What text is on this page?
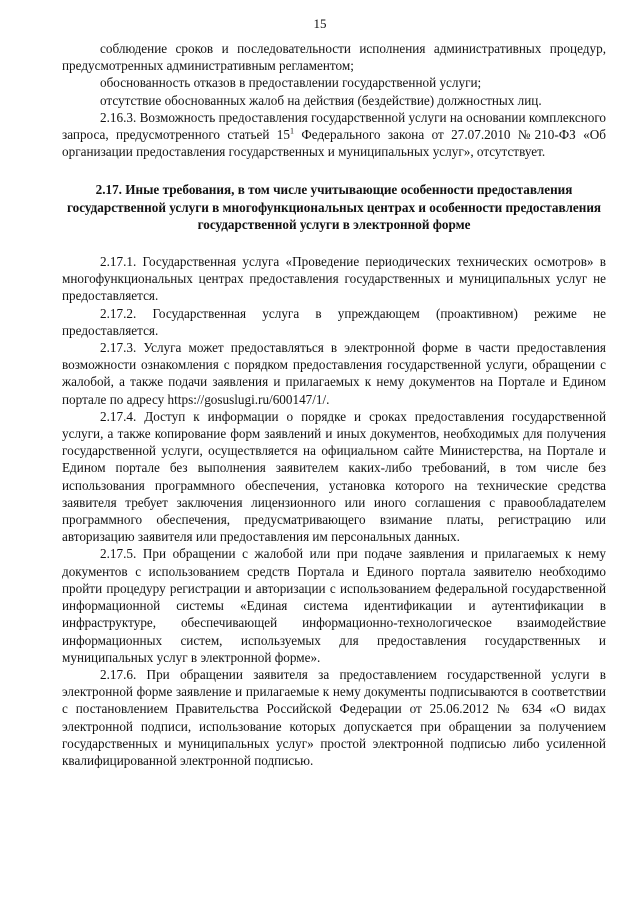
15

соблюдение сроков и последовательности исполнения административных процедур, предусмотренных административным регламентом;

обоснованность отказов в предоставлении государственной услуги;

отсутствие обоснованных жалоб на действия (бездействие) должностных лиц.

2.16.3. Возможность предоставления государственной услуги на основании комплексного запроса, предусмотренного статьей $15^1$ Федерального закона от 27.07.2010 №210-ФЗ «Об организации предоставления государственных и муниципальных услуг», отсутствует.

2.17. Иные требования, в том числе учитывающие особенности предоставления государственной услуги в многофункциональных центрах и особенности предоставления государственной услуги в электронной форме

2.17.1. Государственная услуга «Проведение периодических технических осмотров» в многофункциональных центрах предоставления государственных и муниципальных услуг не предоставляется.

2.17.2. Государственная услуга в упреждающем (проактивном) режиме не предоставляется.

2.17.3. Услуга может предоставляться в электронной форме в части предоставления возможности ознакомления с порядком предоставления государственной услуги, обращении с жалобой, а также подачи заявления и прилагаемых к нему документов на Портале и Едином портале по адресу https://gosuslugi.ru/600147/1/.

2.17.4. Доступ к информации о порядке и сроках предоставления государственной услуги, а также копирование форм заявлений и иных документов, необходимых для получения государственной услуги, осуществляется на официальном сайте Министерства, на Портале и Едином портале без выполнения заявителем каких-либо требований, в том числе без использования программного обеспечения, установка которого на технические средства заявителя требует заключения лицензионного или иного соглашения с правообладателем программного обеспечения, предусматривающего взимание платы, регистрацию или авторизацию заявителя или предоставления им персональных данных.

2.17.5. При обращении с жалобой или при подаче заявления и прилагаемых к нему документов с использованием средств Портала и Единого портала заявителю необходимо пройти процедуру регистрации и авторизации с использованием федеральной государственной информационной системы «Единая система идентификации и аутентификации в инфраструктуре, обеспечивающей информационно-технологическое взаимодействие информационных систем, используемых для предоставления государственных и муниципальных услуг в электронной форме».

2.17.6. При обращении заявителя за предоставлением государственной услуги в электронной форме заявление и прилагаемые к нему документы подписываются в соответствии с постановлением Правительства Российской Федерации от 25.06.2012 № 634 «О видах электронной подписи, использование которых допускается при обращении за получением государственных и муниципальных услуг» простой электронной подписью либо усиленной квалифицированной электронной подписью.
